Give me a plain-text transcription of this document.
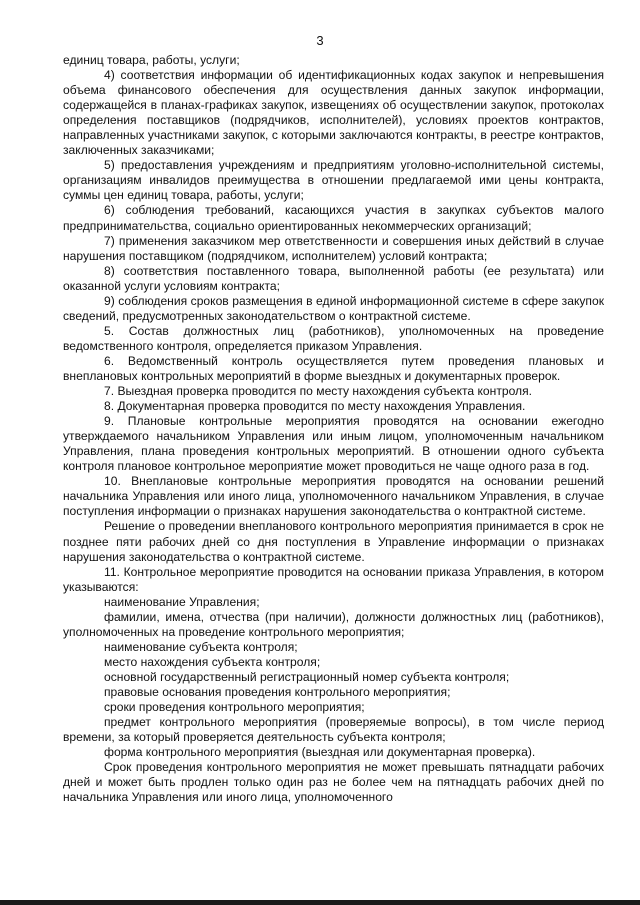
3

единиц товара, работы, услуги;

4) соответствия информации об идентификационных кодах закупок и непревышения объема финансового обеспечения для осуществления данных закупок информации, содержащейся в планах-графиках закупок, извещениях об осуществлении закупок, протоколах определения поставщиков (подрядчиков, исполнителей), условиях проектов контрактов, направленных участниками закупок, с которыми заключаются контракты, в реестре контрактов, заключенных заказчиками;

5) предоставления учреждениям и предприятиям уголовно-исполнительной системы, организациям инвалидов преимущества в отношении предлагаемой ими цены контракта, суммы цен единиц товара, работы, услуги;

6) соблюдения требований, касающихся участия в закупках субъектов малого предпринимательства, социально ориентированных некоммерческих организаций;

7) применения заказчиком мер ответственности и совершения иных действий в случае нарушения поставщиком (подрядчиком, исполнителем) условий контракта;

8) соответствия поставленного товара, выполненной работы (ее результата) или оказанной услуги условиям контракта;

9) соблюдения сроков размещения в единой информационной системе в сфере закупок сведений, предусмотренных законодательством о контрактной системе.

5. Состав должностных лиц (работников), уполномоченных на проведение ведомственного контроля, определяется приказом Управления.

6. Ведомственный контроль осуществляется путем проведения плановых и внеплановых контрольных мероприятий в форме выездных и документарных проверок.

7. Выездная проверка проводится по месту нахождения субъекта контроля.

8. Документарная проверка проводится по месту нахождения Управления.

9. Плановые контрольные мероприятия проводятся на основании ежегодно утверждаемого начальником Управления или иным лицом, уполномоченным начальником Управления, плана проведения контрольных мероприятий. В отношении одного субъекта контроля плановое контрольное мероприятие может проводиться не чаще одного раза в год.

10. Внеплановые контрольные мероприятия проводятся на основании решений начальника Управления или иного лица, уполномоченного начальником Управления, в случае поступления информации о признаках нарушения законодательства о контрактной системе.

Решение о проведении внепланового контрольного мероприятия принимается в срок не позднее пяти рабочих дней со дня поступления в Управление информации о признаках нарушения законодательства о контрактной системе.

11. Контрольное мероприятие проводится на основании приказа Управления, в котором указываются:

наименование Управления;

фамилии, имена, отчества (при наличии), должности должностных лиц (работников), уполномоченных на проведение контрольного мероприятия;

наименование субъекта контроля;

место нахождения субъекта контроля;

основной государственный регистрационный номер субъекта контроля;

правовые основания проведения контрольного мероприятия;

сроки проведения контрольного мероприятия;

предмет контрольного мероприятия (проверяемые вопросы), в том числе период времени, за который проверяется деятельность субъекта контроля;

форма контрольного мероприятия (выездная или документарная проверка).

Срок проведения контрольного мероприятия не может превышать пятнадцати рабочих дней и может быть продлен только один раз не более чем на пятнадцать рабочих дней по начальника Управления или иного лица, уполномоченного
